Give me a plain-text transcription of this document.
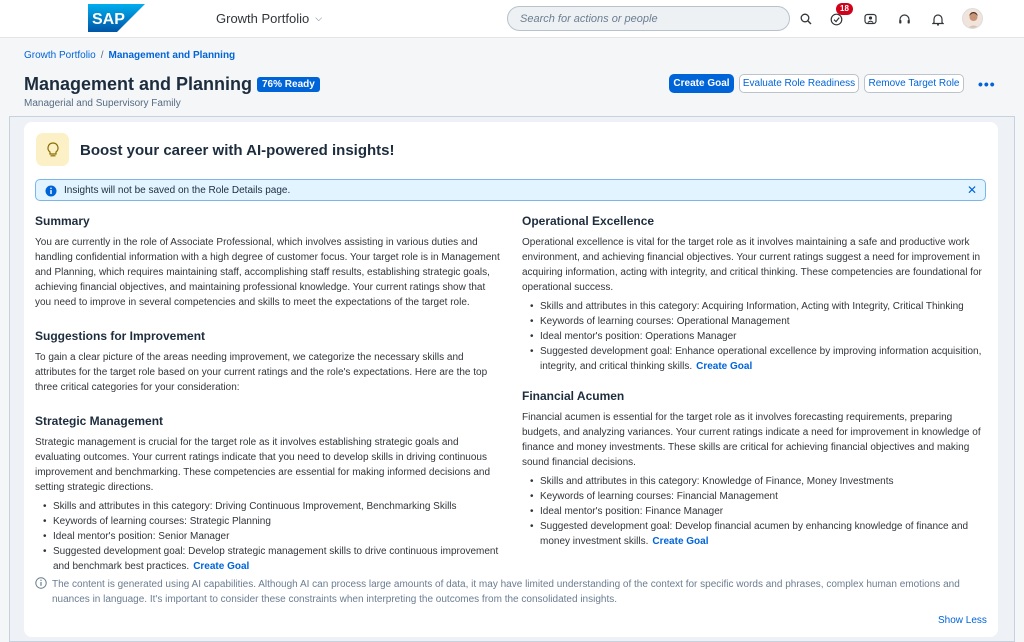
SAP	Growth Portfolio ⌵
Search for actions or people
18
Growth Portfolio / Management and Planning
Management and Planning 76% Ready
Managerial and Supervisory Family
Create Goal	Evaluate Role Readiness	Remove Target Role	•••
Boost your career with AI-powered insights!
Insights will not be saved on the Role Details page.	✕
Summary

You are currently in the role of Associate Professional, which involves assisting in various duties and handling confidential information with a high degree of customer focus. Your target role is in Management and Planning, which requires maintaining staff, accomplishing staff results, establishing strategic goals, achieving financial objectives, and maintaining professional knowledge. Your current ratings show that you need to improve in several competencies and skills to meet the expectations of the target role.

Suggestions for Improvement

To gain a clear picture of the areas needing improvement, we categorize the necessary skills and attributes for the target role based on your current ratings and the role's expectations. Here are the top three critical categories for your consideration:

Strategic Management

Strategic management is crucial for the target role as it involves establishing strategic goals and evaluating outcomes. Your current ratings indicate that you need to develop skills in driving continuous improvement and benchmarking. These competencies are essential for making informed decisions and setting strategic directions.

• Skills and attributes in this category: Driving Continuous Improvement, Benchmarking Skills
• Keywords of learning courses: Strategic Planning
• Ideal mentor's position: Senior Manager
• Suggested development goal: Develop strategic management skills to drive continuous improvement and benchmark best practices. Create Goal
Operational Excellence

Operational excellence is vital for the target role as it involves maintaining a safe and productive work environment, and achieving financial objectives. Your current ratings suggest a need for improvement in acquiring information, acting with integrity, and critical thinking. These competencies are foundational for operational success.

• Skills and attributes in this category: Acquiring Information, Acting with Integrity, Critical Thinking
• Keywords of learning courses: Operational Management
• Ideal mentor's position: Operations Manager
• Suggested development goal: Enhance operational excellence by improving information acquisition, integrity, and critical thinking skills. Create Goal
Financial Acumen

Financial acumen is essential for the target role as it involves forecasting requirements, preparing budgets, and analyzing variances. Your current ratings indicate a need for improvement in knowledge of finance and money investments. These skills are critical for achieving financial objectives and making sound financial decisions.

• Skills and attributes in this category: Knowledge of Finance, Money Investments
• Keywords of learning courses: Financial Management
• Ideal mentor's position: Finance Manager
• Suggested development goal: Develop financial acumen by enhancing knowledge of finance and money investment skills. Create Goal
The content is generated using AI capabilities. Although AI can process large amounts of data, it may have limited understanding of the context for specific words and phrases, complex human emotions and nuances in language. It's important to consider these constraints when interpreting the outcomes from the consolidated insights.
Show Less
